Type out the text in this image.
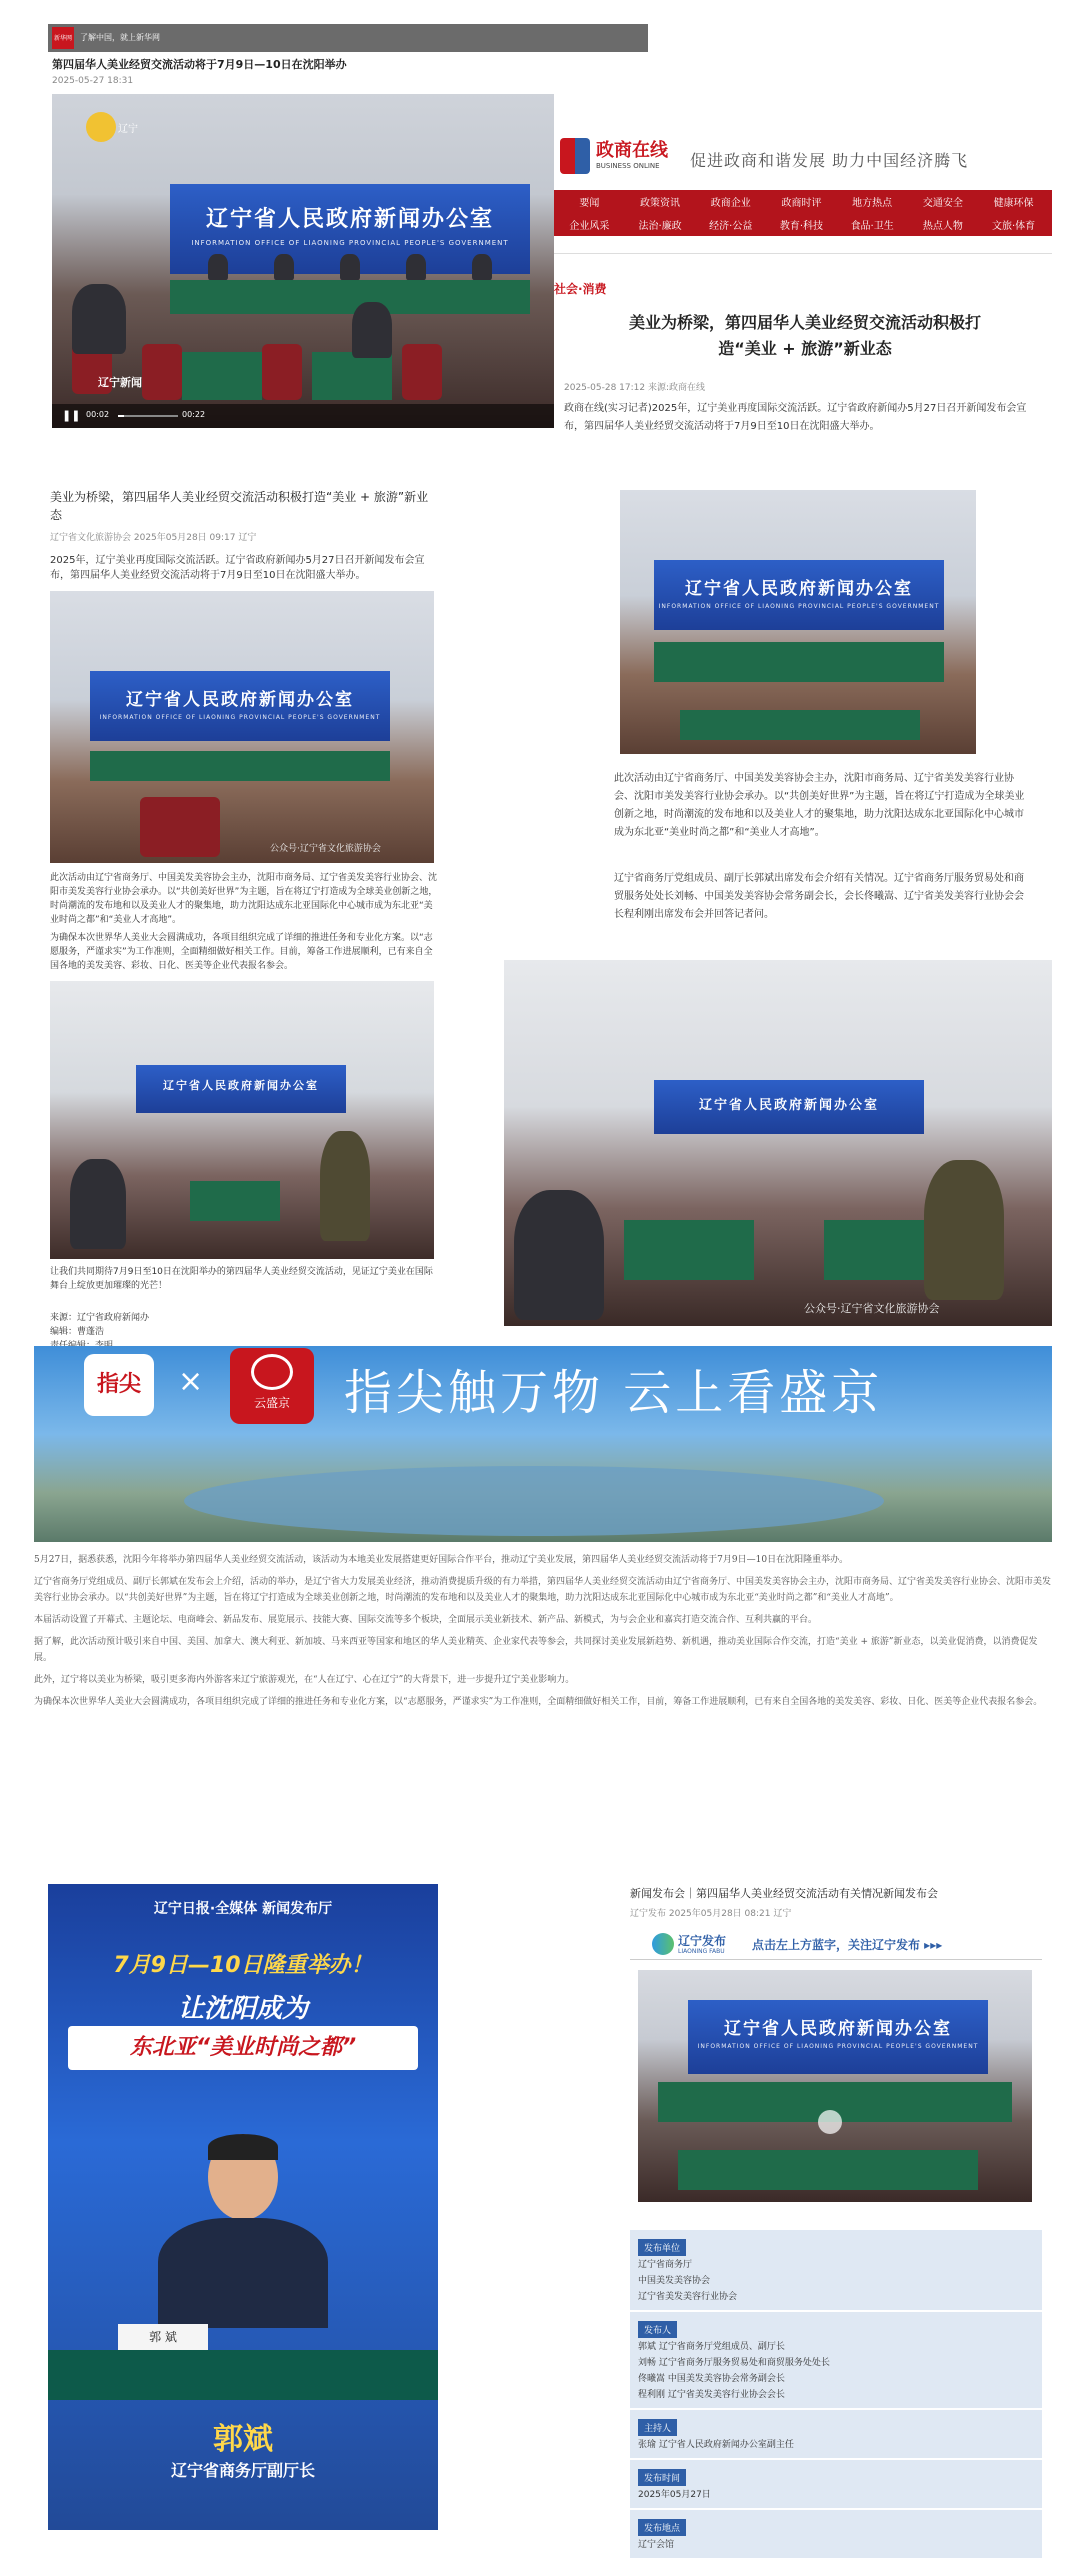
新华网 了解中国，就上新华网
第四届华人美业经贸交流活动将于7月9日—10日在沈阳举办
2025-05-27 18:31
辽宁
辽宁省人民政府新闻办公室
INFORMATION OFFICE OF LIAONING PROVINCIAL PEOPLE'S GOVERNMENT
辽宁新闻
❚❚ 00:02	00:22
政商在线
BUSINESS ONLINE 促进政商和谐发展 助力中国经济腾飞
要闻	政策资讯	政商企业	政商时评	地方热点	交通安全	健康环保
企业风采	法治·廉政	经济·公益	教育·科技	食品·卫生	热点人物	文旅·体育
党建文化	社会·消费
社会·消费
美业为桥梁，第四届华人美业经贸交流活动积极打造“美业 + 旅游”新业态
2025-05-28 17:12 来源:政商在线
政商在线(实习记者)2025年，辽宁美业再度国际交流活跃。辽宁省政府新闻办5月27日召开新闻发布会宣布，第四届华人美业经贸交流活动将于7月9日至10日在沈阳盛大举办。
美业为桥梁，第四届华人美业经贸交流活动积极打造“美业 + 旅游”新业态
辽宁省文化旅游协会 2025年05月28日 09:17 辽宁
2025年，辽宁美业再度国际交流活跃。辽宁省政府新闻办5月27日召开新闻发布会宣布，第四届华人美业经贸交流活动将于7月9日至10日在沈阳盛大举办。
辽宁省人民政府新闻办公室
INFORMATION OFFICE OF LIAONING PROVINCIAL PEOPLE'S GOVERNMENT
公众号·辽宁省文化旅游协会
此次活动由辽宁省商务厅、中国美发美容协会主办，沈阳市商务局、辽宁省美发美容行业协会、沈阳市美发美容行业协会承办。以“共创美好世界”为主题，旨在将辽宁打造成为全球美业创新之地，时尚潮流的发布地和以及美业人才的聚集地，助力沈阳达成东北亚国际化中心城市成为东北亚“美业时尚之都”和“美业人才高地”。
为确保本次世界华人美业大会圆满成功，各项目组织完成了详细的推进任务和专业化方案。以“志愿服务，严谨求实”为工作准则，全面精细做好相关工作。目前，筹备工作进展顺利，已有来自全国各地的美发美容、彩妆、日化、医美等企业代表报名参会。
辽宁省人民政府新闻办公室
让我们共同期待7月9日至10日在沈阳举办的第四届华人美业经贸交流活动，见证辽宁美业在国际舞台上绽放更加璀璨的光芒！
来源：辽宁省政府新闻办
编辑：曹蓬浩
辽宁省人民政府新闻办公室
INFORMATION OFFICE OF LIAONING PROVINCIAL PEOPLE'S GOVERNMENT
此次活动由辽宁省商务厅、中国美发美容协会主办，沈阳市商务局、辽宁省美发美容行业协会、沈阳市美发美容行业协会承办。以“共创美好世界”为主题，旨在将辽宁打造成为全球美业创新之地，时尚潮流的发布地和以及美业人才的聚集地，助力沈阳达成东北亚国际化中心城市成为东北亚“美业时尚之都”和“美业人才高地”。
辽宁省商务厅党组成员、副厅长郭斌出席发布会介绍有关情况。辽宁省商务厅服务贸易处和商贸服务处处长刘畅、中国美发美容协会常务副会长，会长佟曦嵩、辽宁省美发美容行业协会会长程利刚出席发布会并回答记者问。
辽宁省人民政府新闻办公室
公众号·辽宁省文化旅游协会
指尖	×
云盛京	指尖触万物 云上看盛京
5月27日，据悉获悉，沈阳今年将举办第四届华人美业经贸交流活动，该活动为本地美业发展搭建更好国际合作平台，推动辽宁美业发展，第四届华人美业经贸交流活动将于7月9日—10日在沈阳隆重举办。
辽宁省商务厅党组成员、副厅长郭斌在发布会上介绍，活动的举办，是辽宁省大力发展美业经济，推动消费提质升级的有力举措，第四届华人美业经贸交流活动由辽宁省商务厅、中国美发美容协会主办，沈阳市商务局、辽宁省美发美容行业协会、沈阳市美发美容行业协会承办。以“共创美好世界”为主题，旨在将辽宁打造成为全球美业创新之地，时尚潮流的发布地和以及美业人才的聚集地，助力沈阳达成东北亚国际化中心城市成为东北亚“美业时尚之都”和“美业人才高地”。
本届活动设置了开幕式、主题论坛、电商峰会、新品发布、展览展示、技能大赛、国际交流等多个板块，全面展示美业新技术、新产品、新模式，为与会企业和嘉宾打造交流合作、互利共赢的平台。
据了解，此次活动预计吸引来自中国、美国、加拿大、澳大利亚、新加坡、马来西亚等国家和地区的华人美业精英、企业家代表等参会，共同探讨美业发展新趋势、新机遇，推动美业国际合作交流，打造“美业 + 旅游”新业态，以美业促消费，以消费促发展。
此外，辽宁将以美业为桥梁，吸引更多海内外游客来辽宁旅游观光，在“人在辽宁、心在辽宁”的大背景下，进一步提升辽宁美业影响力。
为确保本次世界华人美业大会圆满成功，各项目组织完成了详细的推进任务和专业化方案，以“志愿服务，严谨求实”为工作准则，全面精细做好相关工作，目前，筹备工作进展顺利，已有来自全国各地的美发美容、彩妆、日化、医美等企业代表报名参会。
辽宁日报·全媒体 新闻发布厅
7月9日—10日隆重举办！
让沈阳成为
东北亚“美业时尚之都”
郭 斌
郭斌
辽宁省商务厅副厅长
新闻发布会｜第四届华人美业经贸交流活动有关情况新闻发布会
辽宁发布 2025年05月28日 08:21 辽宁
辽宁发布
LIAONING FABU 点击左上方蓝字，关注辽宁发布 ▸▸▸
辽宁省人民政府新闻办公室
INFORMATION OFFICE OF LIAONING PROVINCIAL PEOPLE'S GOVERNMENT
发布单位
辽宁省商务厅
中国美发美容协会
辽宁省美发美容行业协会
发布人
郭斌 辽宁省商务厅党组成员、副厅长
刘畅 辽宁省商务厅服务贸易处和商贸服务处处长
佟曦嵩 中国美发美容协会常务副会长
程利刚 辽宁省美发美容行业协会会长
主持人
张瑜 辽宁省人民政府新闻办公室副主任
发布时间
2025年05月27日
发布地点
辽宁会馆
